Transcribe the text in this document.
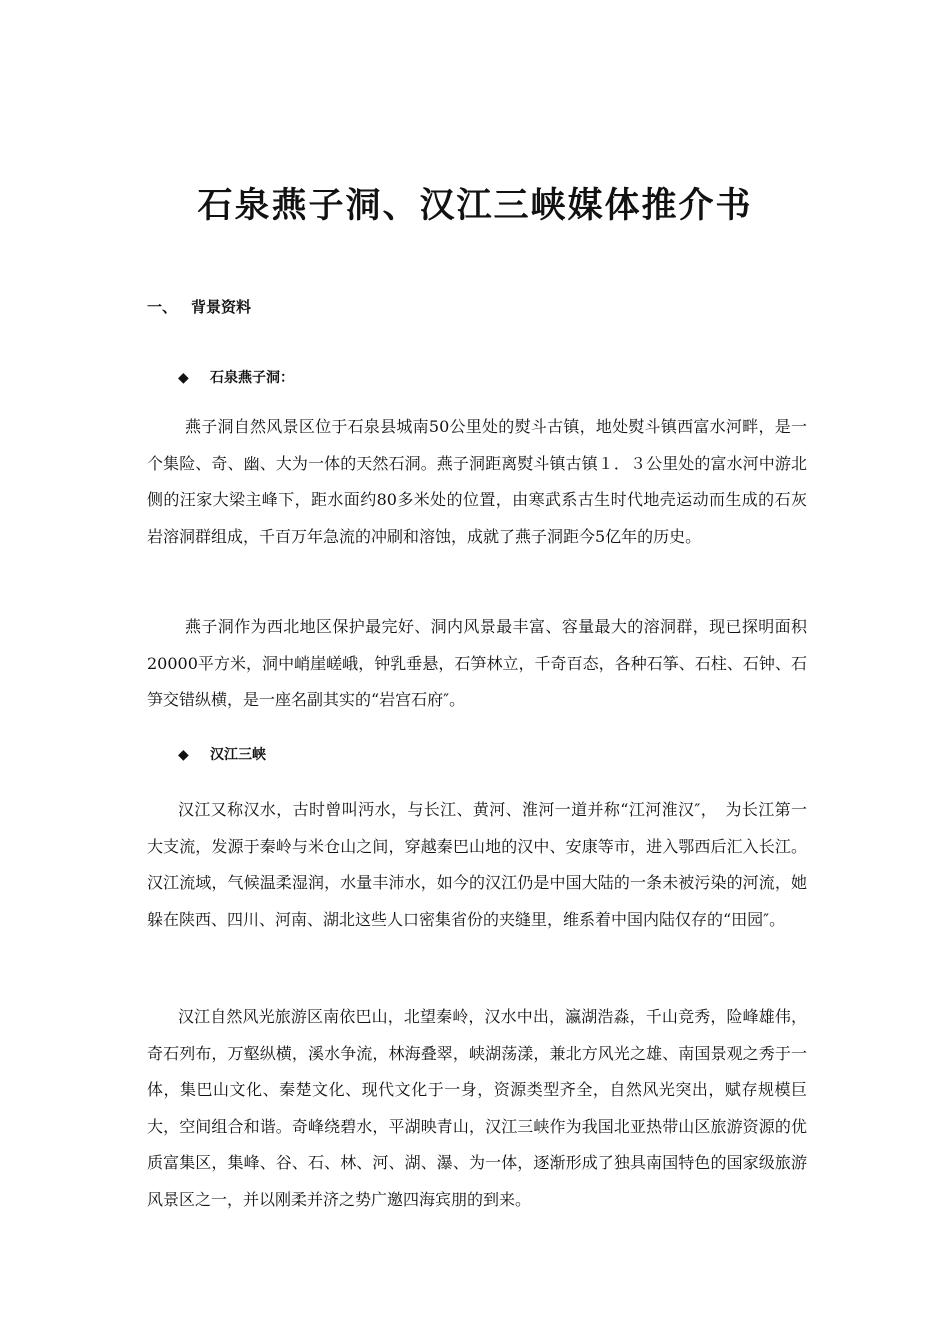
石泉燕子洞、汉江三峡媒体推介书

一、 背景资料

◆ 石泉燕子洞：

燕子洞自然风景区位于石泉县城南50公里处的熨斗古镇，地处熨斗镇西富水河畔，是一个集险、奇、幽、大为一体的天然石洞。燕子洞距离熨斗镇古镇１．３公里处的富水河中游北侧的汪家大梁主峰下，距水面约80多米处的位置，由寒武系古生时代地壳运动而生成的石灰岩溶洞群组成，千百万年急流的冲刷和溶蚀，成就了燕子洞距今5亿年的历史。

燕子洞作为西北地区保护最完好、洞内风景最丰富、容量最大的溶洞群，现已探明面积20000平方米，洞中峭崖嵯峨，钟乳垂悬，石笋林立，千奇百态，各种石筝、石柱、石钟、石笋交错纵横，是一座名副其实的“岩宫石府″。

◆ 汉江三峡

汉江又称汉水，古时曾叫沔水，与长江、黄河、淮河一道并称“江河淮汉″，　为长江第一大支流，发源于秦岭与米仓山之间，穿越秦巴山地的汉中、安康等市，进入鄂西后汇入长江。汉江流域，气候温柔湿润，水量丰沛水，如今的汉江仍是中国大陆的一条未被污染的河流，她躲在陕西、四川、河南、湖北这些人口密集省份的夹缝里，维系着中国内陆仅存的“田园″。

汉江自然风光旅游区南依巴山，北望秦岭，汉水中出，瀛湖浩淼，千山竞秀，险峰雄伟，奇石列布，万壑纵横，溪水争流，林海叠翠，峡湖荡漾，兼北方风光之雄、南国景观之秀于一体，集巴山文化、秦楚文化、现代文化于一身，资源类型齐全，自然风光突出，赋存规模巨大，空间组合和谐。奇峰绕碧水，平湖映青山，汉江三峡作为我国北亚热带山区旅游资源的优质富集区，集峰、谷、石、林、河、湖、瀑、为一体，逐渐形成了独具南国特色的国家级旅游风景区之一，并以刚柔并济之势广邀四海宾朋的到来。
